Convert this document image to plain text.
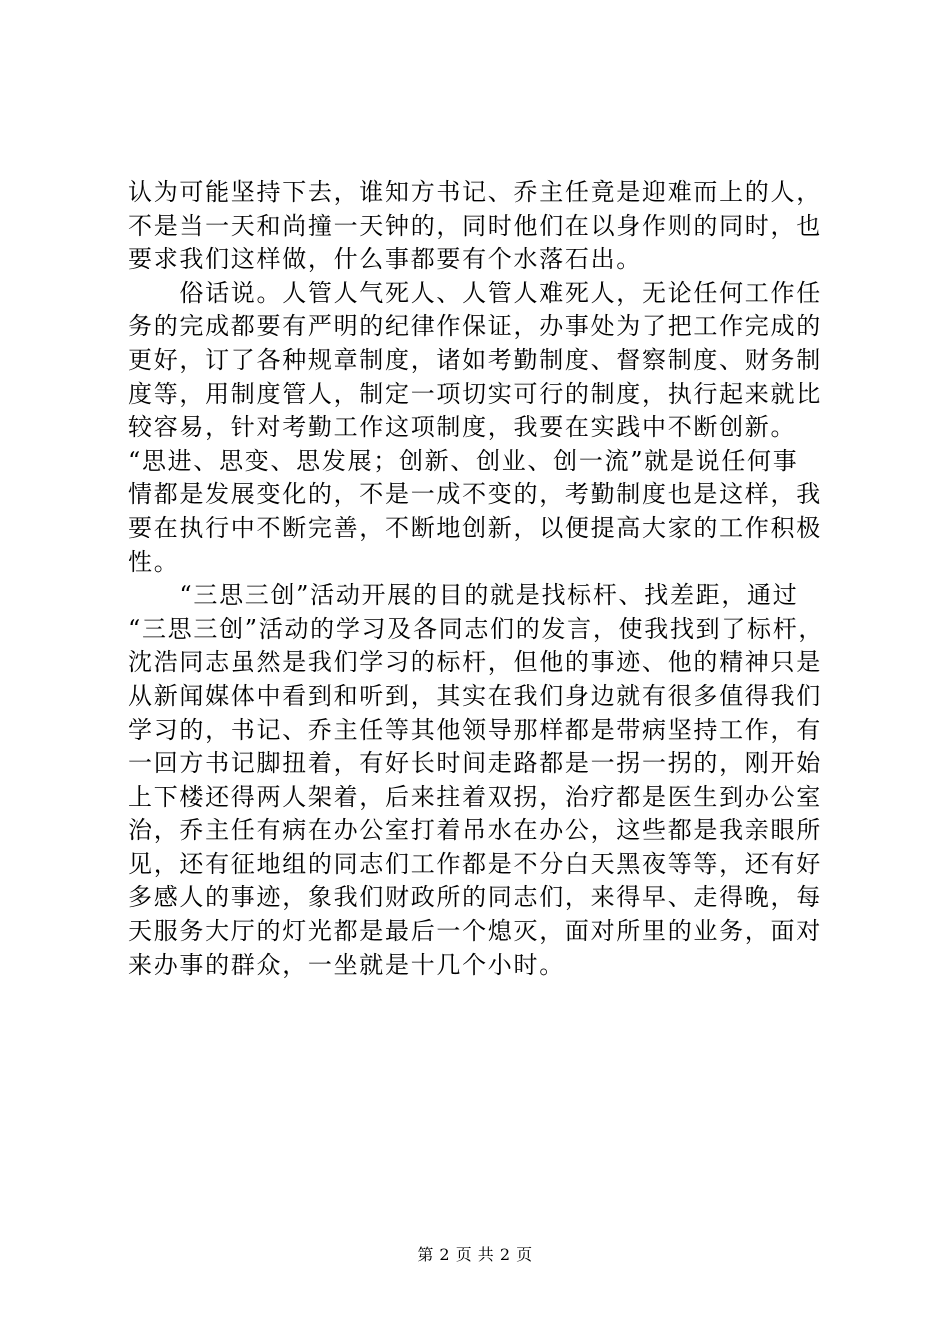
认为可能坚持下去，谁知方书记、乔主任竟是迎难而上的人，
不是当一天和尚撞一天钟的，同时他们在以身作则的同时，也
要求我们这样做，什么事都要有个水落石出。
　　俗话说。人管人气死人、人管人难死人，无论任何工作任
务的完成都要有严明的纪律作保证，办事处为了把工作完成的
更好，订了各种规章制度，诸如考勤制度、督察制度、财务制
度等，用制度管人，制定一项切实可行的制度，执行起来就比
较容易，针对考勤工作这项制度，我要在实践中不断创新。
“思进、思变、思发展；创新、创业、创一流”就是说任何事
情都是发展变化的，不是一成不变的，考勤制度也是这样，我
要在执行中不断完善，不断地创新，以便提高大家的工作积极
性。
　　“三思三创”活动开展的目的就是找标杆、找差距，通过
“三思三创”活动的学习及各同志们的发言，使我找到了标杆，
沈浩同志虽然是我们学习的标杆，但他的事迹、他的精神只是
从新闻媒体中看到和听到，其实在我们身边就有很多值得我们
学习的，书记、乔主任等其他领导那样都是带病坚持工作，有
一回方书记脚扭着，有好长时间走路都是一拐一拐的，刚开始
上下楼还得两人架着，后来拄着双拐，治疗都是医生到办公室
治，乔主任有病在办公室打着吊水在办公，这些都是我亲眼所
见，还有征地组的同志们工作都是不分白天黑夜等等，还有好
多感人的事迹，象我们财政所的同志们，来得早、走得晚，每
天服务大厅的灯光都是最后一个熄灭，面对所里的业务，面对
来办事的群众，一坐就是十几个小时。
第 2 页 共 2 页
